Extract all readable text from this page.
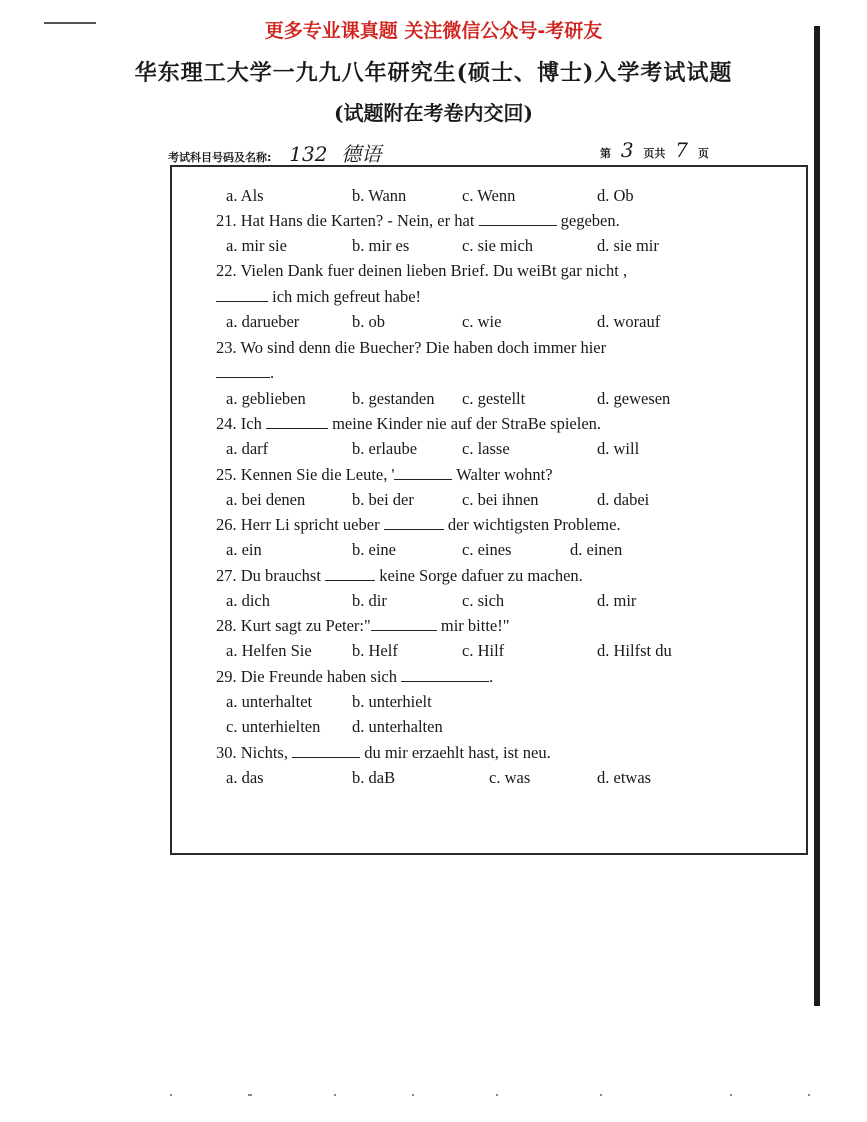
更多专业课真题 关注微信公众号-考研友
华东理工大学一九九八年研究生(硕士、博士)入学考试试题
(试题附在考卷内交回)
考试科目号码及名称: 132 德语	第 3 页共 7 页
a. Als	b. Wann	c. Wenn	d. Ob
21. Hat Hans die Karten? - Nein, er hat	gegeben.
a. mir sie	b. mir es	c. sie mich	d. sie mir
22. Vielen Dank fuer deinen lieben Brief. Du weiBt gar nicht ,
ich mich gefreut habe!
a. darueber	b. ob	c. wie	d. worauf
23. Wo sind denn die Buecher? Die haben doch immer hier
.
a. geblieben	b. gestanden c. gestellt	d. gewesen
24. Ich	meine Kinder nie auf der StraBe spielen.
a. darf	b. erlaube	c. lasse	d. will
25. Kennen Sie die Leute, '	Walter wohnt?
a. bei denen	b. bei der	c. bei ihnen	d. dabei
26. Herr Li spricht ueber	der wichtigsten Probleme.
a. ein	b. eine	c. eines	d. einen
27. Du brauchst	keine Sorge dafuer zu machen.
a. dich	b. dir	c. sich	d. mir
28. Kurt sagt zu Peter:"	mir bitte!"
a. Helfen Sie b. Helf	c. Hilf	d. Hilfst du
29. Die Freunde haben sich	.
a. unterhaltet b. unterhielt
c. unterhielten d. unterhalten
30. Nichts,	du mir erzaehlt hast, ist neu.
a. das	b. daB	c. was	d. etwas
